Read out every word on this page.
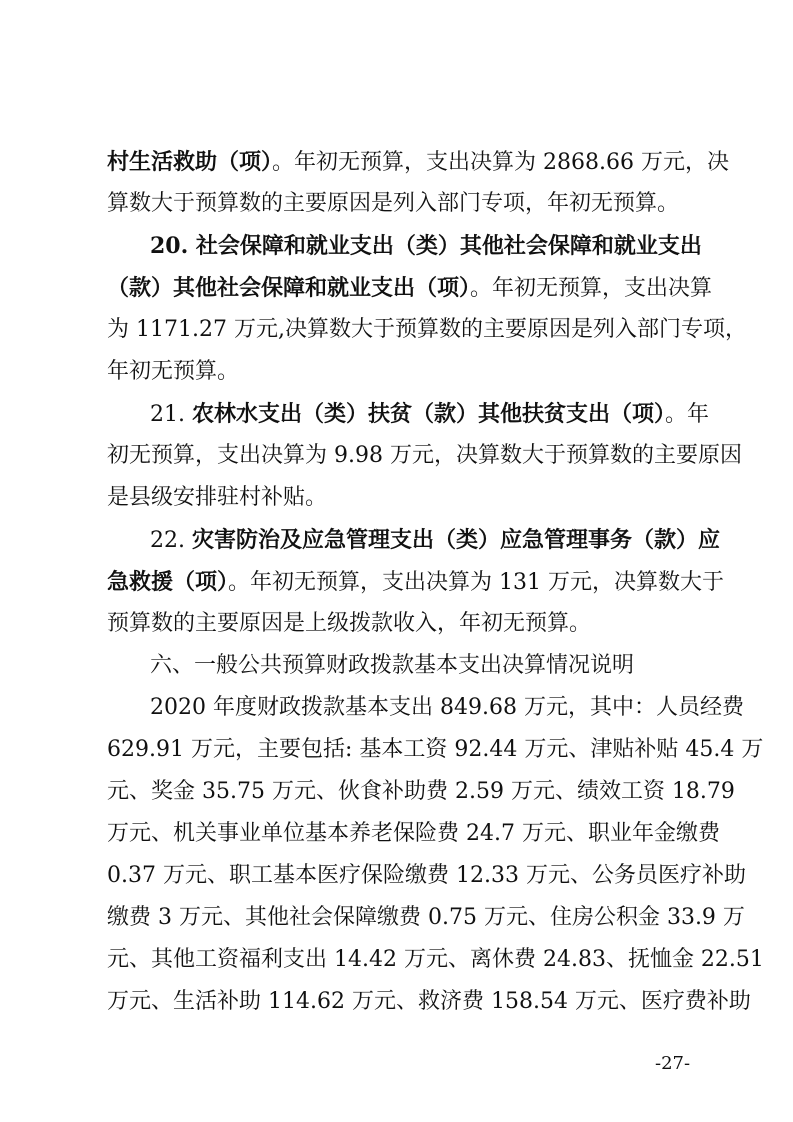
村生活救助（项）。年初无预算，支出决算为 2868.66 万元，决
算数大于预算数的主要原因是列入部门专项，年初无预算。
20. 社会保障和就业支出（类）其他社会保障和就业支出
（款）其他社会保障和就业支出（项）。年初无预算，支出决算
为 1171.27 万元,决算数大于预算数的主要原因是列入部门专项，
年初无预算。
21. 农林水支出（类）扶贫（款）其他扶贫支出（项）。年
初无预算，支出决算为 9.98 万元，决算数大于预算数的主要原因
是县级安排驻村补贴。
22. 灾害防治及应急管理支出（类）应急管理事务（款）应
急救援（项）。年初无预算，支出决算为 131 万元，决算数大于
预算数的主要原因是上级拨款收入，年初无预算。
六、一般公共预算财政拨款基本支出决算情况说明
2020 年度财政拨款基本支出 849.68 万元，其中：人员经费
629.91 万元，主要包括: 基本工资 92.44 万元、津贴补贴 45.4 万
元、奖金 35.75 万元、伙食补助费 2.59 万元、绩效工资 18.79
万元、机关事业单位基本养老保险费 24.7 万元、职业年金缴费
0.37 万元、职工基本医疗保险缴费 12.33 万元、公务员医疗补助
缴费 3 万元、其他社会保障缴费 0.75 万元、住房公积金 33.9 万
元、其他工资福利支出 14.42 万元、离休费 24.83、抚恤金 22.51
万元、生活补助 114.62 万元、救济费 158.54 万元、医疗费补助
-27-
